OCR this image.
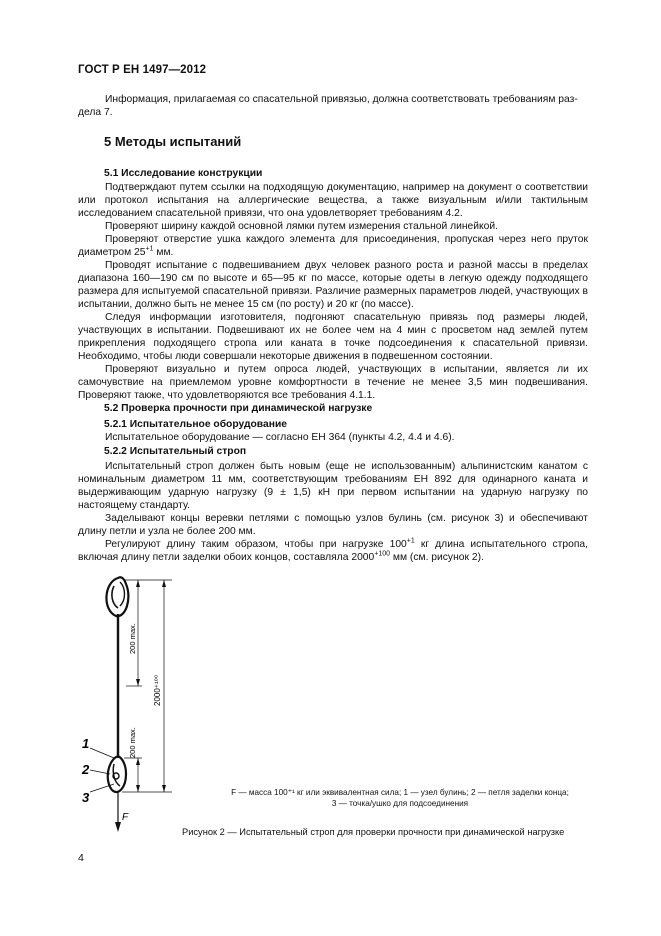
ГОСТ Р ЕН 1497—2012
Информация, прилагаемая со спасательной привязью, должна соответствовать требованиям раз-
дела 7.
5 Методы испытаний
5.1 Исследование конструкции
Подтверждают путем ссылки на подходящую документацию, например на документ о соответствии или протокол испытания на аллергические вещества, а также визуальным и/или тактильным исследованием спасательной привязи, что она удовлетворяет требованиям 4.2.
Проверяют ширину каждой основной лямки путем измерения стальной линейкой.
Проверяют отверстие ушка каждого элемента для присоединения, пропуская через него пруток диаметром $25^{+1}$ мм.
Проводят испытание с подвешиванием двух человек разного роста и разной массы в пределах диапазона 160—190 см по высоте и 65—95 кг по массе, которые одеты в легкую одежду подходящего размера для испытуемой спасательной привязи. Различие размерных параметров людей, участвующих в испытании, должно быть не менее 15 см (по росту) и 20 кг (по массе).
Следуя информации изготовителя, подгоняют спасательную привязь под размеры людей, участвующих в испытании. Подвешивают их не более чем на 4 мин с просветом над землей путем прикрепления подходящего стропа или каната в точке подсоединения к спасательной привязи. Необходимо, чтобы люди совершали некоторые движения в подвешенном состоянии.
Проверяют визуально и путем опроса людей, участвующих в испытании, является ли их самочувствие на приемлемом уровне комфортности в течение не менее 3,5 мин подвешивания. Проверяют также, что удовлетворяются все требования 4.1.1.
5.2 Проверка прочности при динамической нагрузке
5.2.1 Испытательное оборудование
Испытательное оборудование — согласно ЕН 364 (пункты 4.2, 4.4 и 4.6).
5.2.2 Испытательный строп
Испытательный строп должен быть новым (еще не использованным) альпинистским канатом с номинальным диаметром 11 мм, соответствующим требованиям ЕН 892 для одинарного каната и выдерживающим ударную нагрузку (9 ± 1,5) кН при первом испытании на ударную нагрузку по настоящему стандарту.
Заделывают концы веревки петлями с помощью узлов булинь (см. рисунок 3) и обеспечивают длину петли и узла не более 200 мм.
Регулируют длину таким образом, чтобы при нагрузке $100^{+1}$ кг длина испытательного стропа, включая длину петли заделки обоих концов, составляла $2000^{+100}$ мм (см. рисунок 2).
F
200 max.
2000⁺¹⁰⁰
200 max.
1
2
3	F — масса 100⁺¹ кг или эквивалентная сила; 1 — узел булинь; 2 — петля заделки конца;
3 — точка/ушко для подсоединения
Рисунок 2 — Испытательный строп для проверки прочности при динамической нагрузке
4
